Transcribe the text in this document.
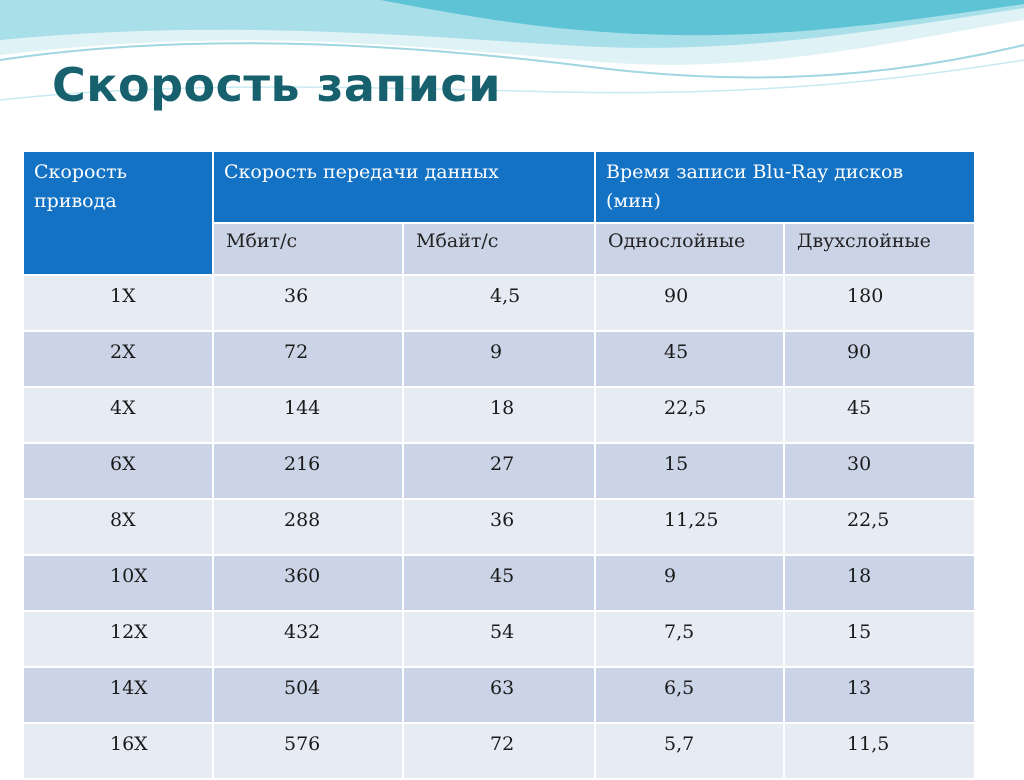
Скорость записи
Скорость привода	Скорость передачи данных		Время записи Blu-Ray дисков (мин)	
	Мбит/с	Мбайт/с	Однослойные	Двухслойные
1X	36	4,5	90	180
2X	72	9	45	90
4X	144	18	22,5	45
6X	216	27	15	30
8X	288	36	11,25	22,5
10X	360	45	9	18
12X	432	54	7,5	15
14X	504	63	6,5	13
16X	576	72	5,7	11,5
